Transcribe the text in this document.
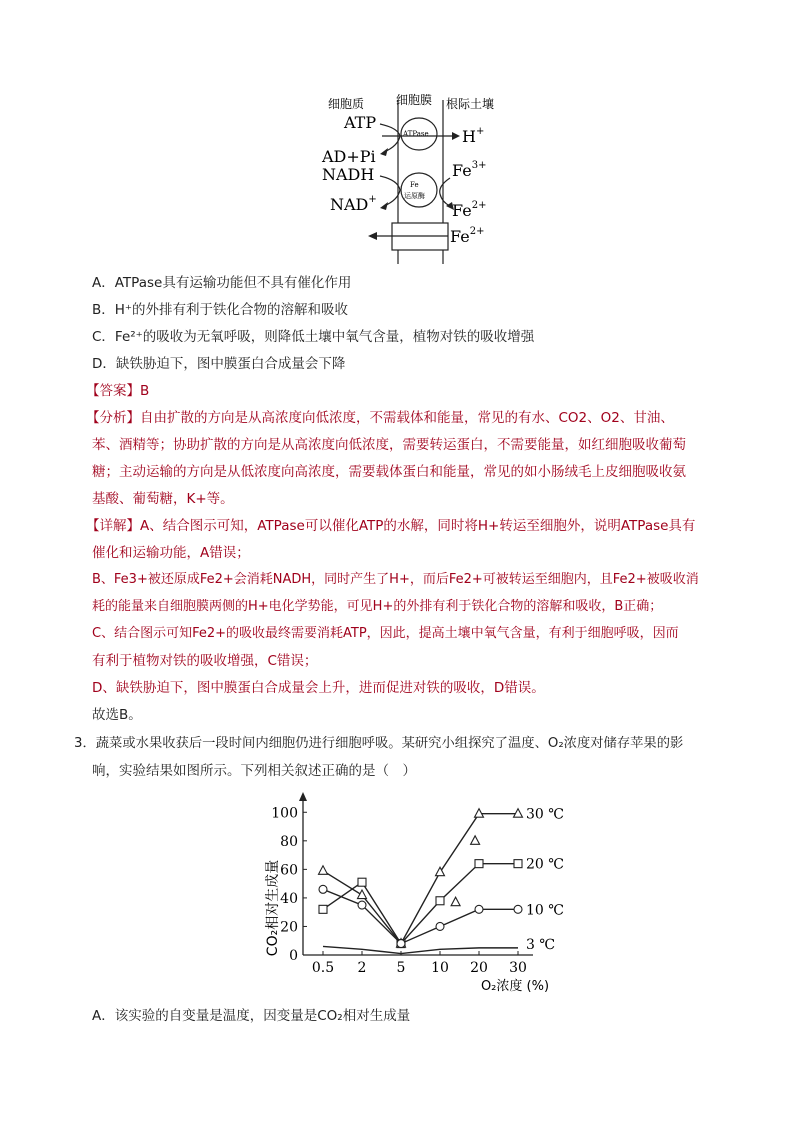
细胞质	细胞膜 根际土壤
ATPase H+
ATP
AD+Pi
Fe
运原酶
NADH
NAD+
$Fe^{3+}$
$Fe^{2+}$
$Fe^{2+}$
A．ATPase具有运输功能但不具有催化作用
B．H⁺的外排有利于铁化合物的溶解和吸收
C．Fe²⁺的吸收为无氧呼吸，则降低土壤中氧气含量，植物对铁的吸收增强
D．缺铁胁迫下，图中膜蛋白合成量会下降
【答案】B
【分析】自由扩散的方向是从高浓度向低浓度，不需载体和能量，常见的有水、CO2、O2、甘油、
苯、酒精等；协助扩散的方向是从高浓度向低浓度，需要转运蛋白，不需要能量，如红细胞吸收葡萄
糖；主动运输的方向是从低浓度向高浓度，需要载体蛋白和能量，常见的如小肠绒毛上皮细胞吸收氨
基酸、葡萄糖，K+等。
【详解】A、结合图示可知，ATPase可以催化ATP的水解，同时将H+转运至细胞外，说明ATPase具有
催化和运输功能，A错误；
B、Fe3+被还原成Fe2+会消耗NADH，同时产生了H+，而后Fe2+可被转运至细胞内，且Fe2+被吸收消
耗的能量来自细胞膜两侧的H+电化学势能，可见H+的外排有利于铁化合物的溶解和吸收，B正确；
C、结合图示可知Fe2+的吸收最终需要消耗ATP，因此，提高土壤中氧气含量，有利于细胞呼吸，因而
有利于植物对铁的吸收增强，C错误；
D、缺铁胁迫下，图中膜蛋白合成量会上升，进而促进对铁的吸收，D错误。
故选B。
3．蔬菜或水果收获后一段时间内细胞仍进行细胞呼吸。某研究小组探究了温度、O₂浓度对储存苹果的影
响，实验结果如图所示。下列相关叙述正确的是（　）
0
20
40
60
80
100
0.5 2 5 10 20 30
30 ℃
20 ℃
10 ℃
3 ℃
CO₂相对生成量
O₂浓度 (%)
A．该实验的自变量是温度，因变量是CO₂相对生成量
